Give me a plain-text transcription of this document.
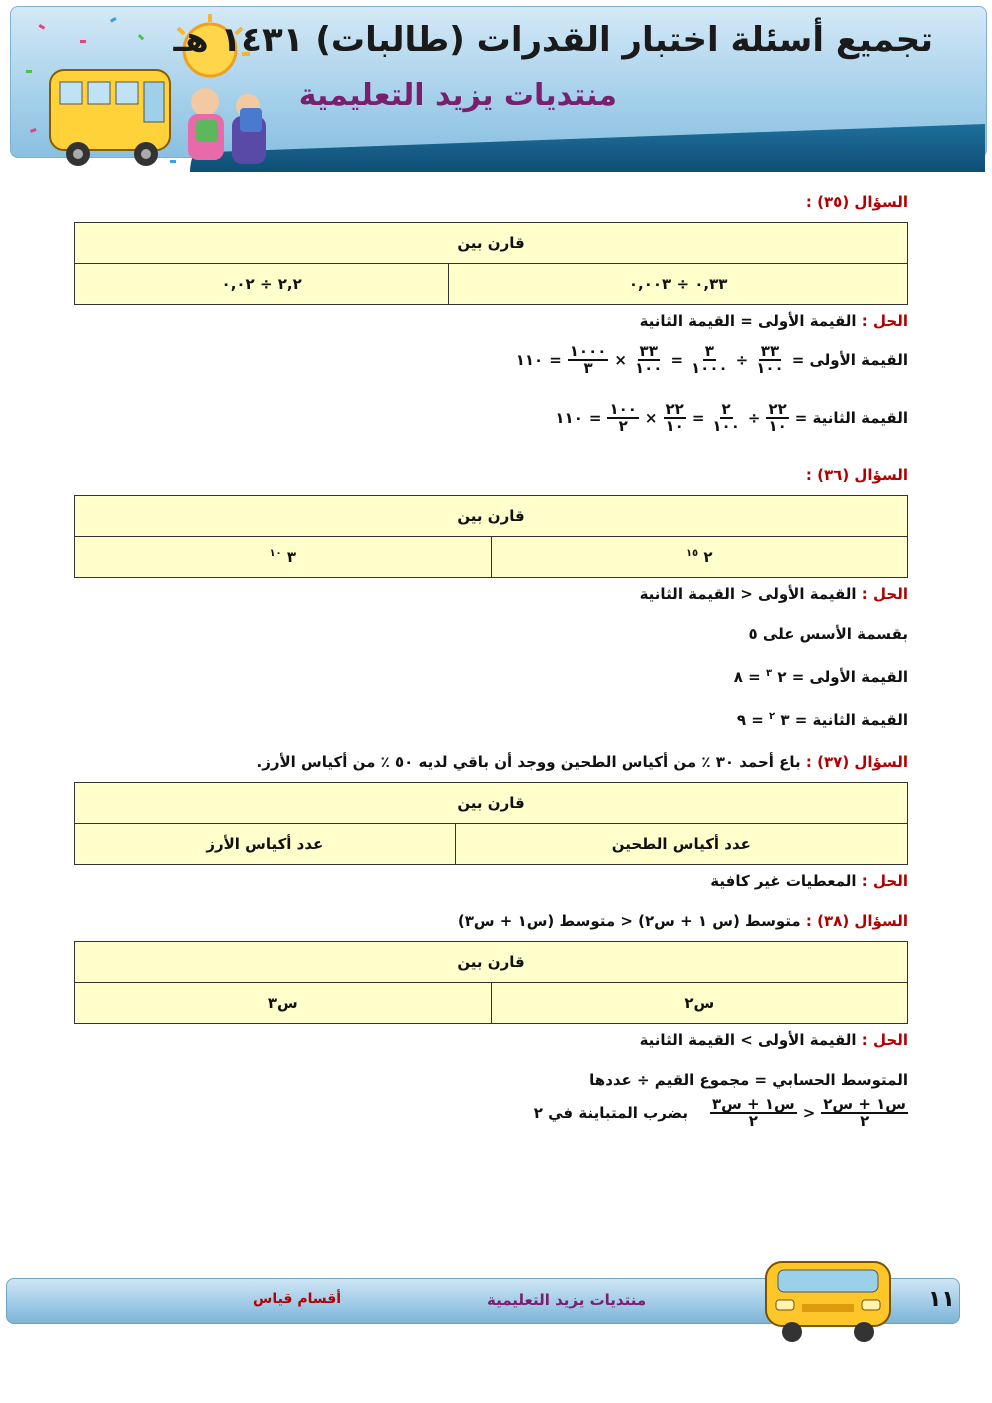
تجميع أسئلة اختبار القدرات (طالبات) ١٤٣١ هـ
منتديات يزيد التعليمية

السؤال (٣٥) :

قارن بين
٠,٣٣ ÷ ٠,٠٠٣	٢,٢ ÷ ٠,٠٢

الحل : القيمة الأولى = القيمة الثانية

القيمة الأولى =
$\frac{٣٣}{١٠٠}$
÷
$\frac{٣}{١٠٠٠}$
=
$\frac{٣٣}{١٠٠}$
×
$\frac{١٠٠٠}{٣}$
=
١١٠
القيمة الثانية =
$\frac{٢٢}{١٠}$
÷
$\frac{٢}{١٠٠}$
=
$\frac{٢٢}{١٠}$
×
$\frac{١٠٠}{٢}$
=
١١٠

السؤال (٣٦) :

قارن بين
٢ $^{١٥}$	٣ $^{١٠}$

الحل : القيمة الأولى < القيمة الثانية

بقسمة الأسس على ٥

القيمة الأولى = ٢ $^٣$ = ٨

القيمة الثانية = ٣ $^٢$ = ٩

السؤال (٣٧) : باع أحمد ٣٠ ٪ من أكياس الطحين ووجد أن باقي لديه ٥٠ ٪ من أكياس الأرز.

قارن بين
عدد أكياس الطحين	عدد أكياس الأرز

الحل : المعطيات غير كافية

السؤال (٣٨) : متوسط (س ١ + س٢) < متوسط (س١ + س٣)

قارن بين
س٢	س٣

الحل : القيمة الأولى > القيمة الثانية

المتوسط الحسابي = مجموع القيم ÷ عددها

$\frac{\text{س١ + س٢}}{٢}$
<
$\frac{\text{س١ + س٣}}{٢}$
بضرب المتباينة في ٢
منتديات يزيد التعليمية
أقسام قياس	١١
